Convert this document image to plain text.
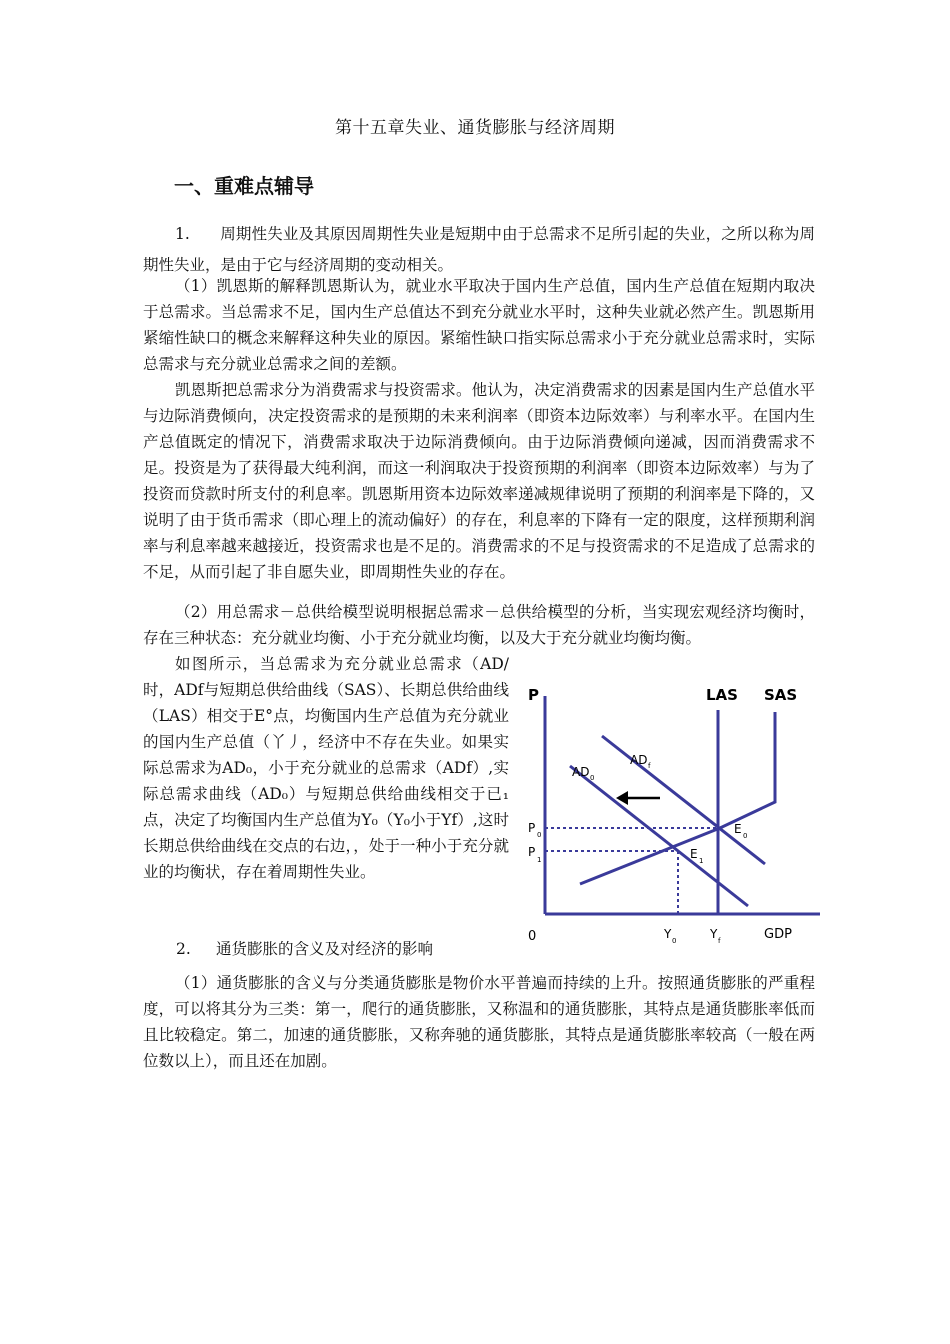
第十五章失业、通货膨胀与经济周期
一、重难点辅导

1.      周期性失业及其原因周期性失业是短期中由于总需求不足所引起的失业，之所以称为周期性失业，是由于它与经济周期的变动相关。

（1）凯恩斯的解释凯恩斯认为，就业水平取决于国内生产总值，国内生产总值在短期内取决于总需求。当总需求不足，国内生产总值达不到充分就业水平时，这种失业就必然产生。凯恩斯用紧缩性缺口的概念来解释这种失业的原因。紧缩性缺口指实际总需求小于充分就业总需求时，实际总需求与充分就业总需求之间的差额。

凯恩斯把总需求分为消费需求与投资需求。他认为，决定消费需求的因素是国内生产总值水平与边际消费倾向，决定投资需求的是预期的未来利润率（即资本边际效率）与利率水平。在国内生产总值既定的情况下，消费需求取决于边际消费倾向。由于边际消费倾向递减，因而消费需求不足。投资是为了获得最大纯利润，而这一利润取决于投资预期的利润率（即资本边际效率）与为了投资而贷款时所支付的利息率。凯恩斯用资本边际效率递减规律说明了预期的利润率是下降的，又说明了由于货币需求（即心理上的流动偏好）的存在，利息率的下降有一定的限度，这样预期利润率与利息率越来越接近，投资需求也是不足的。消费需求的不足与投资需求的不足造成了总需求的不足，从而引起了非自愿失业，即周期性失业的存在。

（2）用总需求－总供给模型说明根据总需求－总供给模型的分析，当实现宏观经济均衡时，存在三种状态：充分就业均衡、小于充分就业均衡，以及大于充分就业均衡均衡。

如图所示，当总需求为充分就业总需求（AD/时，ADf与短期总供给曲线（SAS）、长期总供给曲线（LAS）相交于E°点，均衡国内生产总值为充分就业的国内生产总值（丫丿，经济中不存在失业。如果实际总需求为AD₀，小于充分就业的总需求（ADf）,实际总需求曲线（AD₀）与短期总供给曲线相交于已₁点，决定了均衡国内生产总值为Y₀（Y₀小于Yf）,这时长期总供给曲线在交点的右边，，处于一种小于充分就业的均衡状，存在着周期性失业。

P	LAS SAS
AD 0
AD f
E 0
E 1
P 0
P
1
0	Y 0	Y f	GDP
2. 通货膨胀的含义及对经济的影响

（1）通货膨胀的含义与分类通货膨胀是物价水平普遍而持续的上升。按照通货膨胀的严重程度，可以将其分为三类：第一，爬行的通货膨胀，又称温和的通货膨胀，其特点是通货膨胀率低而且比较稳定。第二，加速的通货膨胀，又称奔驰的通货膨胀，其特点是通货膨胀率较高（一般在两位数以上），而且还在加剧。
